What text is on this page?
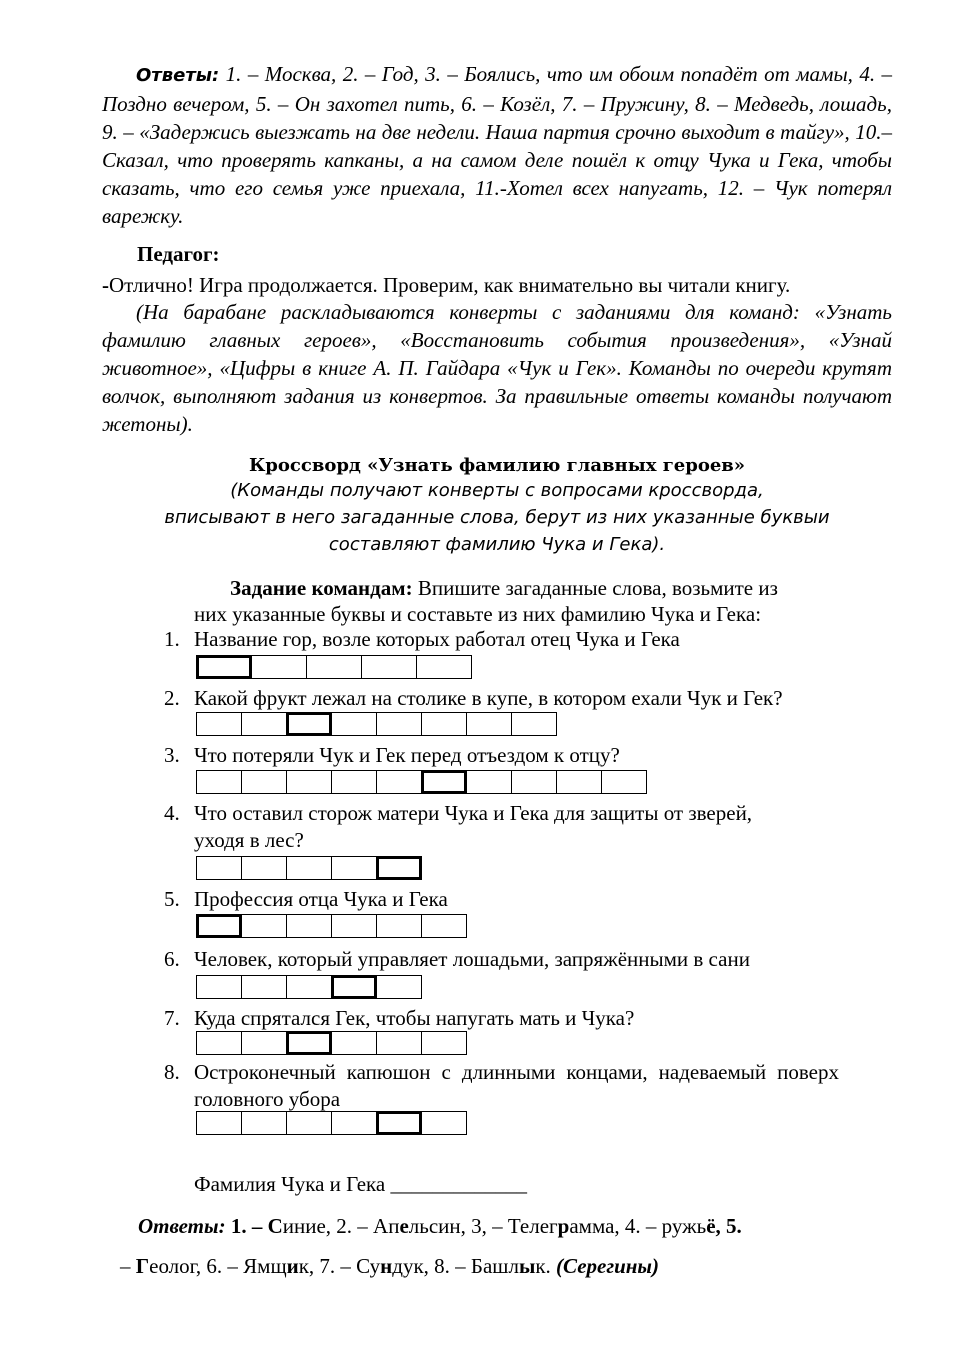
Ответы: 1. – Москва, 2. – Год, 3. – Боялись, что им обоим попадёт от мамы, 4. – Поздно вечером, 5. – Он захотел пить, 6. – Козёл, 7. – Пружину, 8. – Медведь, лошадь, 9. – «Задержись выезжать на две недели. Наша партия срочно выходит в тайгу», 10.– Сказал, что проверять капканы, а на самом деле пошёл к отцу Чука и Гека, чтобы сказать, что его семья уже приехала, 11.-Хотел всех напугать, 12. – Чук потерял варежку.
Педагог:
-Отлично! Игра продолжается. Проверим, как внимательно вы читали книгу.
(На барабане раскладываются конверты с заданиями для команд: «Узнать фамилию главных героев», «Восстановить события произведения», «Узнай животное», «Цифры в книге А. П. Гайдара «Чук и Гек». Команды по очереди крутят волчок, выполняют задания из конвертов. За правильные ответы команды получают жетоны).
Кроссворд «Узнать фамилию главных героев»
(Команды получают конверты с вопросами кроссворда,
вписывают в него загаданные слова, берут из них указанные буквыи
составляют фамилию Чука и Гека).
Задание командам: Впишите загаданные слова, возьмите из
них указанные буквы и составьте из них фамилию Чука и Гека:
1. Название гор, возле которых работал отец Чука и Гека
2. Какой фрукт лежал на столике в купе, в котором ехали Чук и Гек?
3. Что потеряли Чук и Гек перед отъездом к отцу?
4. Что оставил сторож матери Чука и Гека для защиты от зверей, уходя в лес?
5. Профессия отца Чука и Гека
6. Человек, который управляет лошадьми, запряжёнными в сани
7. Куда спрятался Гек, чтобы напугать мать и Чука?
8. Остроконечный капюшон с длинными концами, надеваемый поверх головного убора
Фамилия Чука и Гека _____________
Ответы: 1. – Синие, 2. – Апельсин, 3, – Телеграмма, 4. – ружьё, 5.
– Геолог, 6. – Ямщик, 7. – Сундук, 8. – Башлык. (Серегины)
